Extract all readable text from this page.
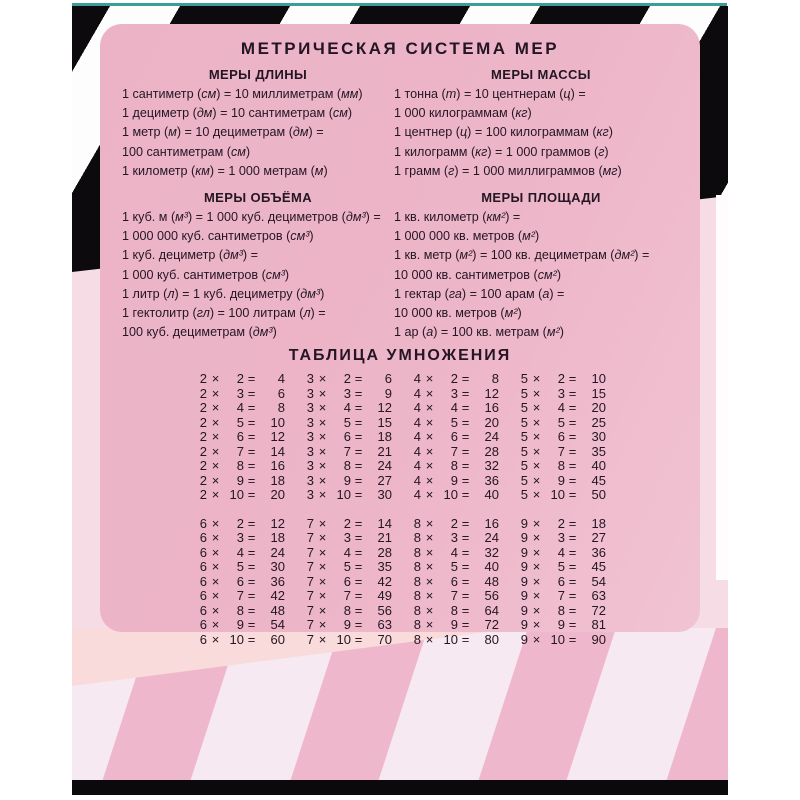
МЕТРИЧЕСКАЯ СИСТЕМА МЕР
МЕРЫ ДЛИНЫ
1 сантиметр (см) = 10 миллиметрам (мм)
1 дециметр (дм) = 10 сантиметрам (см)
1 метр (м) = 10 дециметрам (дм) =
100 сантиметрам (см)
1 километр (км) = 1 000 метрам (м)
МЕРЫ МАССЫ
1 тонна (т) = 10 центнерам (ц) =
1 000 килограммам (кг)
1 центнер (ц) = 100 килограммам (кг)
1 килограмм (кг) = 1 000 граммов (г)
1 грамм (г) = 1 000 миллиграммов (мг)
МЕРЫ ОБЪЁМА
1 куб. м (м³) = 1 000 куб. дециметров (дм³) =
1 000 000 куб. сантиметров (см³)
1 куб. дециметр (дм³) =
1 000 куб. сантиметров (см³)
1 литр (л) = 1 куб. дециметру (дм³)
1 гектолитр (гл) = 100 литрам (л) =
100 куб. дециметрам (дм³)
МЕРЫ ПЛОЩАДИ
1 кв. километр (км²) =
1 000 000 кв. метров (м²)
1 кв. метр (м²) = 100 кв. дециметрам (дм²) =
10 000 кв. сантиметров (см²)
1 гектар (га) = 100 арам (а) =
10 000 кв. метров (м²)
1 ар (а) = 100 кв. метрам (м²)
ТАБЛИЦА УМНОЖЕНИЯ
2 ×	2 =	4
2 ×	3 =	6
2 ×	4 =	8
2 ×	5 =	10
2 ×	6 =	12
2 ×	7 =	14
2 ×	8 =	16
2 ×	9 =	18
2 × 10 =	20
3 ×	2 =	6
3 ×	3 =	9
3 ×	4 =	12
3 ×	5 =	15
3 ×	6 =	18
3 ×	7 =	21
3 ×	8 =	24
3 ×	9 =	27
3 × 10 =	30
4 ×	2 =	8
4 ×	3 =	12
4 ×	4 =	16
4 ×	5 =	20
4 ×	6 =	24
4 ×	7 =	28
4 ×	8 =	32
4 ×	9 =	36
4 × 10 =	40
5 ×	2 =	10
5 ×	3 =	15
5 ×	4 =	20
5 ×	5 =	25
5 ×	6 =	30
5 ×	7 =	35
5 ×	8 =	40
5 ×	9 =	45
5 × 10 =	50
6 ×	2 =	12
6 ×	3 =	18
6 ×	4 =	24
6 ×	5 =	30
6 ×	6 =	36
6 ×	7 =	42
6 ×	8 =	48
6 ×	9 =	54
6 × 10 =	60
7 ×	2 =	14
7 ×	3 =	21
7 ×	4 =	28
7 ×	5 =	35
7 ×	6 =	42
7 ×	7 =	49
7 ×	8 =	56
7 ×	9 =	63
7 × 10 =	70
8 ×	2 =	16
8 ×	3 =	24
8 ×	4 =	32
8 ×	5 =	40
8 ×	6 =	48
8 ×	7 =	56
8 ×	8 =	64
8 ×	9 =	72
8 × 10 =	80
9 ×	2 =	18
9 ×	3 =	27
9 ×	4 =	36
9 ×	5 =	45
9 ×	6 =	54
9 ×	7 =	63
9 ×	8 =	72
9 ×	9 =	81
9 × 10 =	90
